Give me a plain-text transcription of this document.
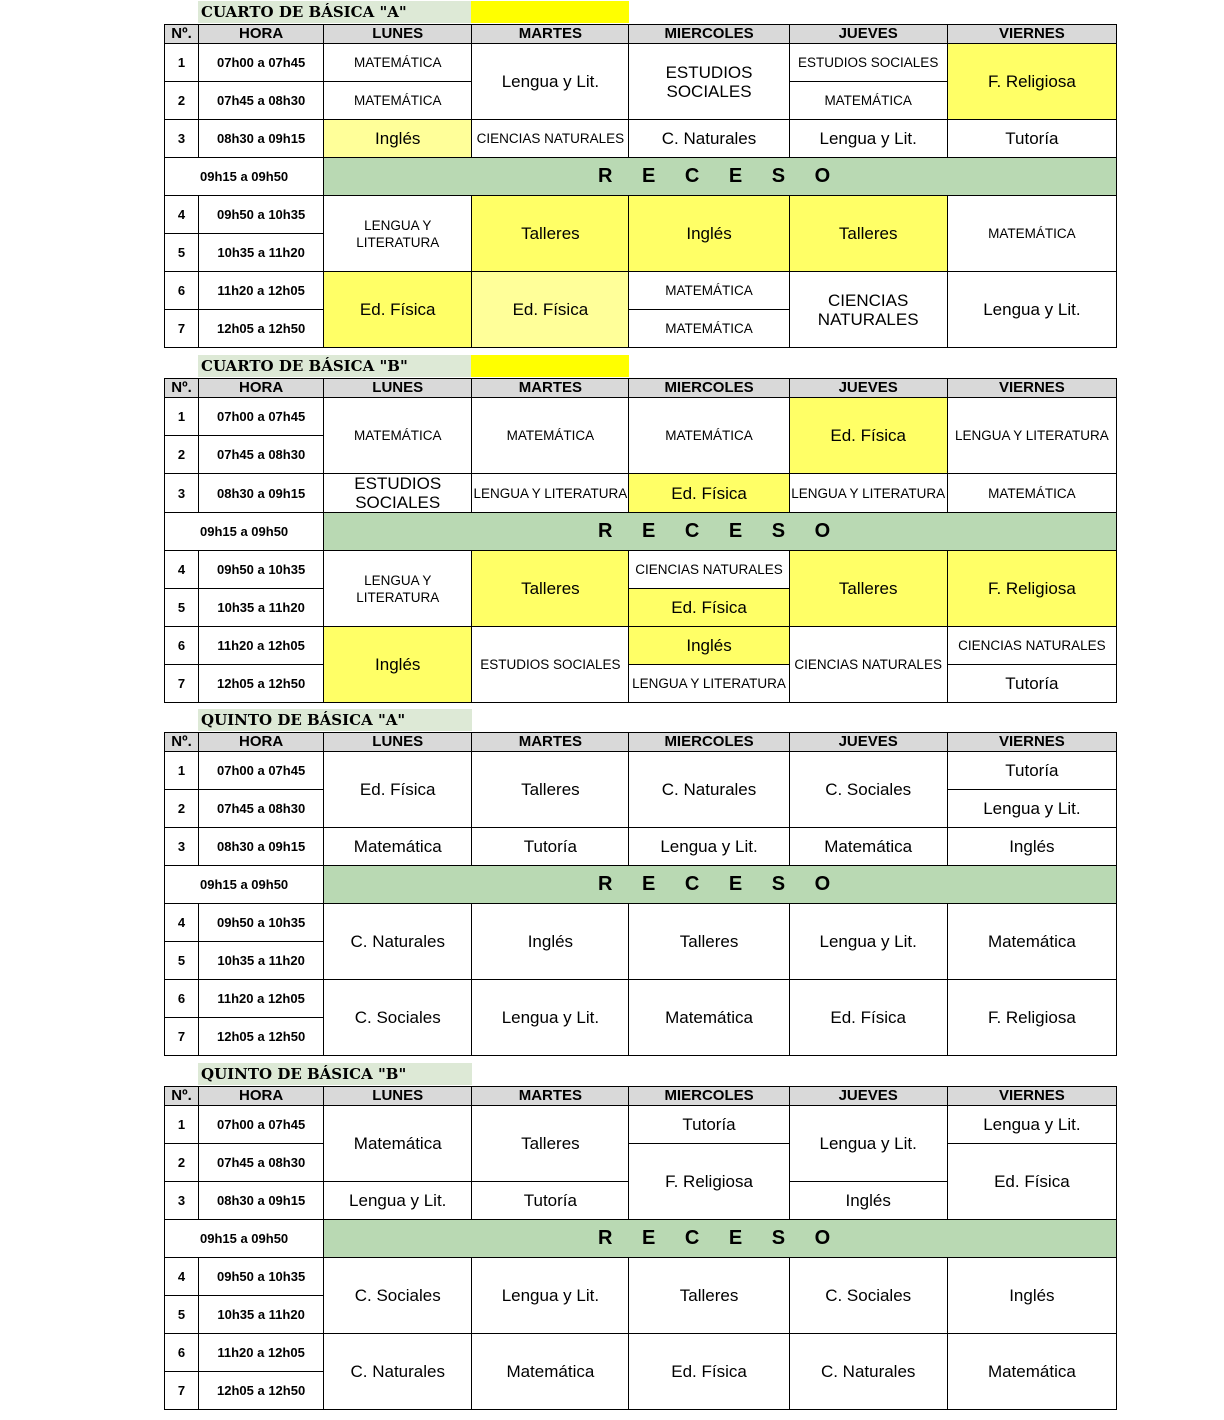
CUARTO DE BÁSICA "A"
Nº.	HORA	LUNES	MARTES	MIERCOLES	JUEVES	VIERNES
1	07h00 a 07h45	MATEMÁTICA	Lengua y Lit.	ESTUDIOS SOCIALES	ESTUDIOS SOCIALES	F. Religiosa
2	07h45 a 08h30	MATEMÁTICA			MATEMÁTICA	
3	08h30 a 09h15	Inglés	CIENCIAS NATURALES	C. Naturales	Lengua y Lit.	Tutoría
09h15 a 09h50		R E C E S O				
4	09h50 a 10h35	LENGUA Y LITERATURA	Talleres	Inglés	Talleres	MATEMÁTICA
5	10h35 a 11h20					
6	11h20 a 12h05	Ed. Física	Ed. Física	MATEMÁTICA	CIENCIAS NATURALES	Lengua y Lit.
7	12h05 a 12h50			MATEMÁTICA		
CUARTO DE BÁSICA "B"
Nº.	HORA	LUNES	MARTES	MIERCOLES	JUEVES	VIERNES
1	07h00 a 07h45	MATEMÁTICA	MATEMÁTICA	MATEMÁTICA	Ed. Física	LENGUA Y LITERATURA
2	07h45 a 08h30					
3	08h30 a 09h15	ESTUDIOS SOCIALES	LENGUA Y LITERATURA	Ed. Física	LENGUA Y LITERATURA	MATEMÁTICA
09h15 a 09h50		R E C E S O				
4	09h50 a 10h35	LENGUA Y LITERATURA	Talleres	CIENCIAS NATURALES	Talleres	F. Religiosa
5	10h35 a 11h20			Ed. Física		
6	11h20 a 12h05	Inglés	ESTUDIOS SOCIALES	Inglés	CIENCIAS NATURALES	CIENCIAS NATURALES
7	12h05 a 12h50			LENGUA Y LITERATURA		Tutoría
QUINTO DE BÁSICA "A"
Nº.	HORA	LUNES	MARTES	MIERCOLES	JUEVES	VIERNES
1	07h00 a 07h45	Ed. Física	Talleres	C. Naturales	C. Sociales	Tutoría
2	07h45 a 08h30					Lengua y Lit.
3	08h30 a 09h15	Matemática	Tutoría	Lengua y Lit.	Matemática	Inglés
09h15 a 09h50		R E C E S O				
4	09h50 a 10h35	C. Naturales	Inglés	Talleres	Lengua y Lit.	Matemática
5	10h35 a 11h20					
6	11h20 a 12h05	C. Sociales	Lengua y Lit.	Matemática	Ed. Física	F. Religiosa
7	12h05 a 12h50					
QUINTO DE BÁSICA "B"
Nº.	HORA	LUNES	MARTES	MIERCOLES	JUEVES	VIERNES
1	07h00 a 07h45	Matemática	Talleres	Tutoría	Lengua y Lit.	Lengua y Lit.
2	07h45 a 08h30			F. Religiosa		Ed. Física
3	08h30 a 09h15	Lengua y Lit.	Tutoría		Inglés	
09h15 a 09h50		R E C E S O				
4	09h50 a 10h35	C. Sociales	Lengua y Lit.	Talleres	C. Sociales	Inglés
5	10h35 a 11h20					
6	11h20 a 12h05	C. Naturales	Matemática	Ed. Física	C. Naturales	Matemática
7	12h05 a 12h50					
